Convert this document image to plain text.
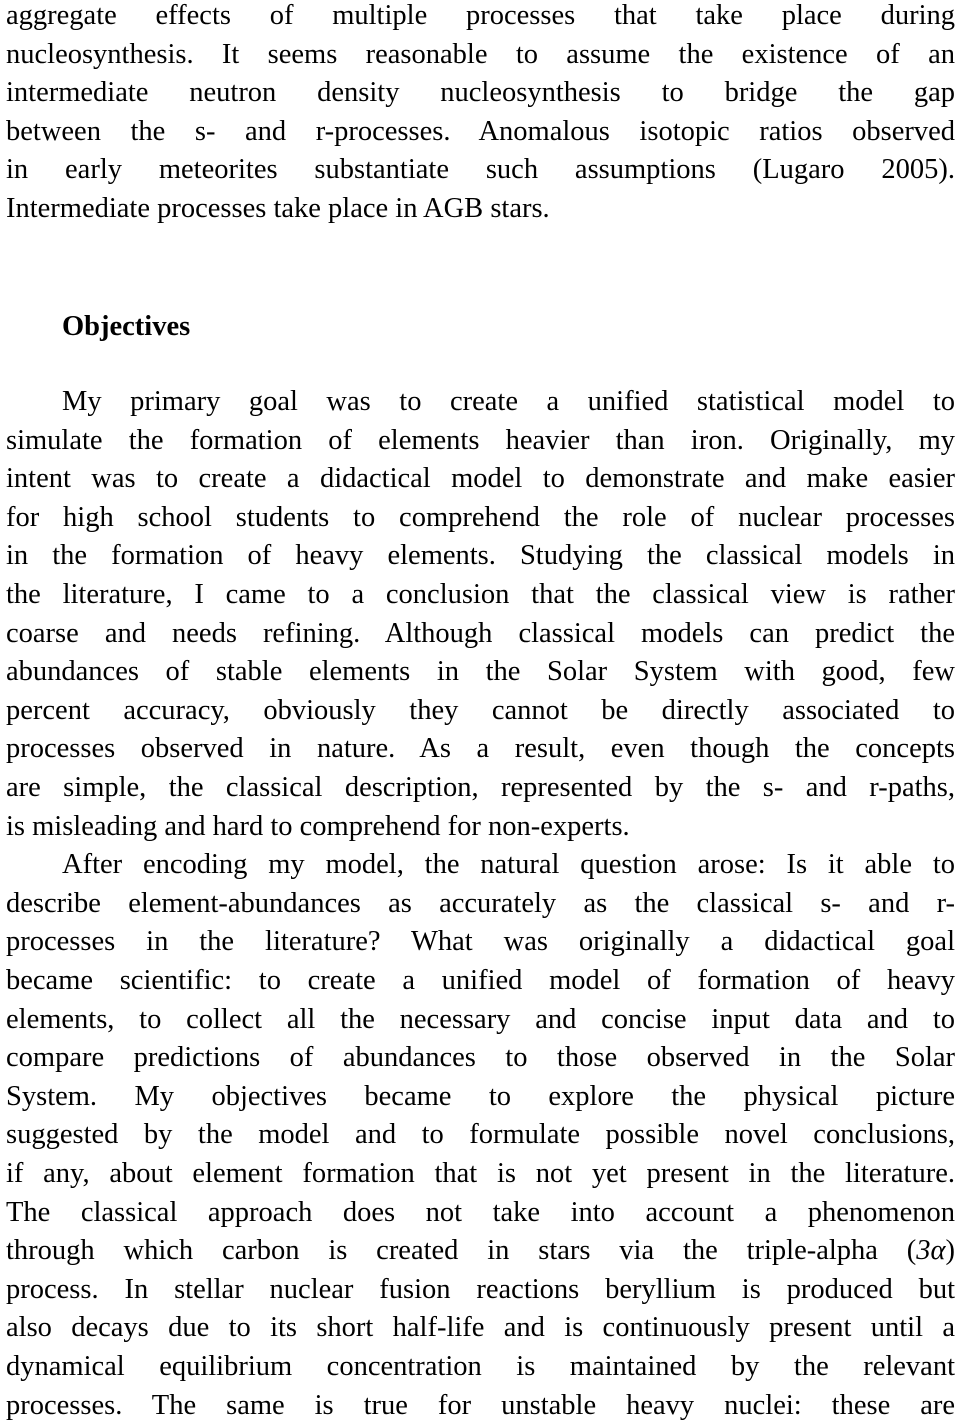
aggregate effects of multiple processes that take place during
nucleosynthesis. It seems reasonable to assume the existence of an
intermediate neutron density nucleosynthesis to bridge the gap
between the s- and r-processes. Anomalous isotopic ratios observed
in early meteorites substantiate such assumptions (Lugaro 2005).
Intermediate processes take place in AGB stars.
Objectives
My primary goal was to create a unified statistical model to
simulate the formation of elements heavier than iron. Originally, my
intent was to create a didactical model to demonstrate and make easier
for high school students to comprehend the role of nuclear processes
in the formation of heavy elements. Studying the classical models in
the literature, I came to a conclusion that the classical view is rather
coarse and needs refining. Although classical models can predict the
abundances of stable elements in the Solar System with good, few
percent accuracy, obviously they cannot be directly associated to
processes observed in nature. As a result, even though the concepts
are simple, the classical description, represented by the s- and r-paths,
is misleading and hard to comprehend for non-experts.
After encoding my model, the natural question arose: Is it able to
describe element-abundances as accurately as the classical s- and r-
processes in the literature? What was originally a didactical goal
became scientific: to create a unified model of formation of heavy
elements, to collect all the necessary and concise input data and to
compare predictions of abundances to those observed in the Solar
System. My objectives became to explore the physical picture
suggested by the model and to formulate possible novel conclusions,
if any, about element formation that is not yet present in the literature.
The classical approach does not take into account a phenomenon
through which carbon is created in stars via the triple-alpha (3α)
process. In stellar nuclear fusion reactions beryllium is produced but
also decays due to its short half-life and is continuously present until a
dynamical equilibrium concentration is maintained by the relevant
processes. The same is true for unstable heavy nuclei: these are
